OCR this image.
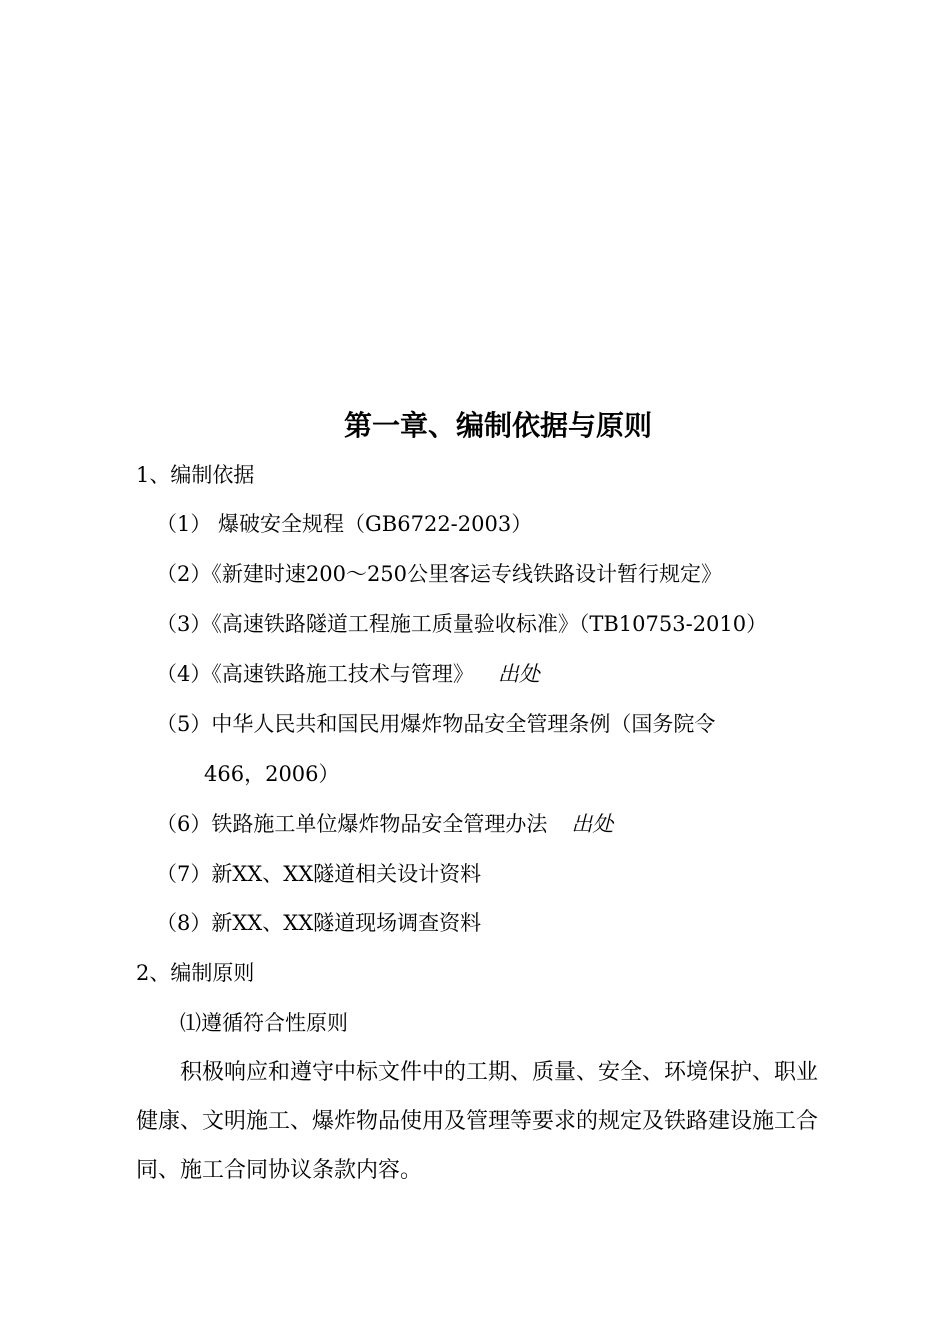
第一章、编制依据与原则
1、编制依据
（1） 爆破安全规程（GB6722-2003）
（2）《新建时速200～250公里客运专线铁路设计暂行规定》
（3）《高速铁路隧道工程施工质量验收标准》（TB10753-2010）
（4）《高速铁路施工技术与管理》 出处
（5）中华人民共和国民用爆炸物品安全管理条例（国务院令
466，2006）
（6）铁路施工单位爆炸物品安全管理办法 出处
（7）新XX、XX隧道相关设计资料
（8）新XX、XX隧道现场调查资料
2、编制原则
⑴遵循符合性原则
积极响应和遵守中标文件中的工期、质量、安全、环境保护、职业
健康、文明施工、爆炸物品使用及管理等要求的规定及铁路建设施工合
同、施工合同协议条款内容。
